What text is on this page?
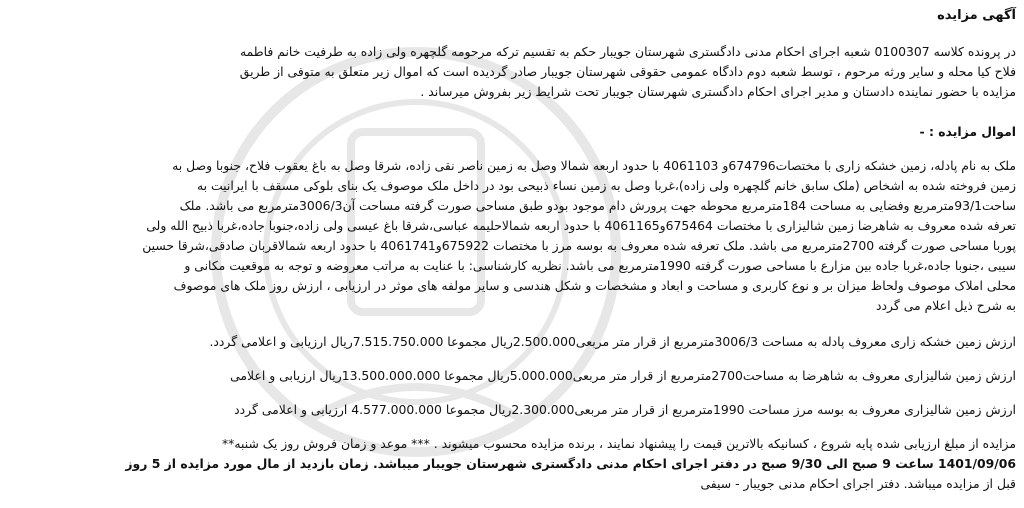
آگهی مزایده
در پرونده کلاسه 0100307 شعبه اجرای احکام مدنی دادگستری شهرستان جویبار حکم به تقسیم ترکه مرحومه گلچهره ولی زاده به طرفیت خانم فاطمه
فلاح کیا محله و سایر ورثه مرحوم ، توسط شعبه دوم دادگاه عمومی حقوقی شهرستان جویبار صادر گردیده است که اموال زیر متعلق به متوفی از طریق
مزایده با حضور نماینده دادستان و مدیر اجرای احکام دادگستری شهرستان جویبار تحت شرایط زیر بفروش میرساند .
اموال مزایده : -
ملک به نام پادله، زمین خشکه زاری با مختصات674796و 4061103 با حدود اربعه شمالا وصل به زمین ناصر نقی زاده، شرقا وصل به باغ یعقوب فلاح، جنوبا وصل به
زمین فروخته شده به اشخاص (ملک سابق خانم گلچهره ولی زاده)،غربا وصل به زمین نساء ذبیحی بود در داخل ملک موصوف یک بنای بلوکی مسقف با ایرانیت به
ساحت93/1مترمربع وفضایی به مساحت 184مترمربع محوطه جهت پرورش دام موجود بودو طبق مساحی صورت گرفته مساحت آن3006/3مترمربع می باشد. ملک
تعرفه شده معروف به شاهرضا زمین شالیزاری با مختصات 675464و4061165 با حدود اربعه شمالاحلیمه عباسی،شرقا باغ عیسی ولی زاده،جنوبا جاده،غربا ذبیح الله ولی
پوربا مساحی صورت گرفته 2700مترمربع می باشد. ملک تعرفه شده معروف به بوسه مرز با مختصات 675922و4061741 با حدود اربعه شمالاقربان صادقی،شرقا حسین
سیبی ،جنوبا جاده،غربا جاده بین مزارع با مساحی صورت گرفته 1990مترمربع می باشد. نظریه کارشناسی: با عنایت به مراتب معروضه و توجه به موقعیت مکانی و
محلی املاک موصوف ولحاظ میزان بر و نوع کاربری و مساحت و ابعاد و مشخصات و شکل هندسی و سایر مولفه های موثر در ارزیابی ، ارزش روز ملک های موصوف
به شرح ذیل اعلام می گردد
ارزش زمین خشکه زاری معروف پادله به مساحت 3006/3مترمربع از قرار متر مربعی2.500.000ریال مجموعا 7.515.750.000ریال ارزیابی و اعلامی گردد.
ارزش زمین شالیزاری معروف به شاهرضا به مساحت2700مترمربع از قرار متر مربعی5.000.000ریال مجموعا 13.500.000.000ریال ارزیابی و اعلامی
ارزش زمین شالیزاری معروف به بوسه مرز مساحت 1990مترمربع از قرار متر مربعی2.300.000ریال مجموعا 4.577.000.000 ارزیابی و اعلامی گردد
مزایده از مبلغ ارزیابی شده پایه شروع ، کسانیکه بالاترین قیمت را پیشنهاد نمایند ، برنده مزایده محسوب میشوند . *** موعد و زمان فروش روز یک شنبه**
1401/09/06 ساعت 9 صبح الی 9/30 صبح در دفتر اجرای احکام مدنی دادگستری شهرستان جویبار میباشد. زمان بازدید از مال مورد مزایده از 5 روز
قبل از مزایده میباشد. دفتر اجرای احکام مدنی جویبار - سیفی
